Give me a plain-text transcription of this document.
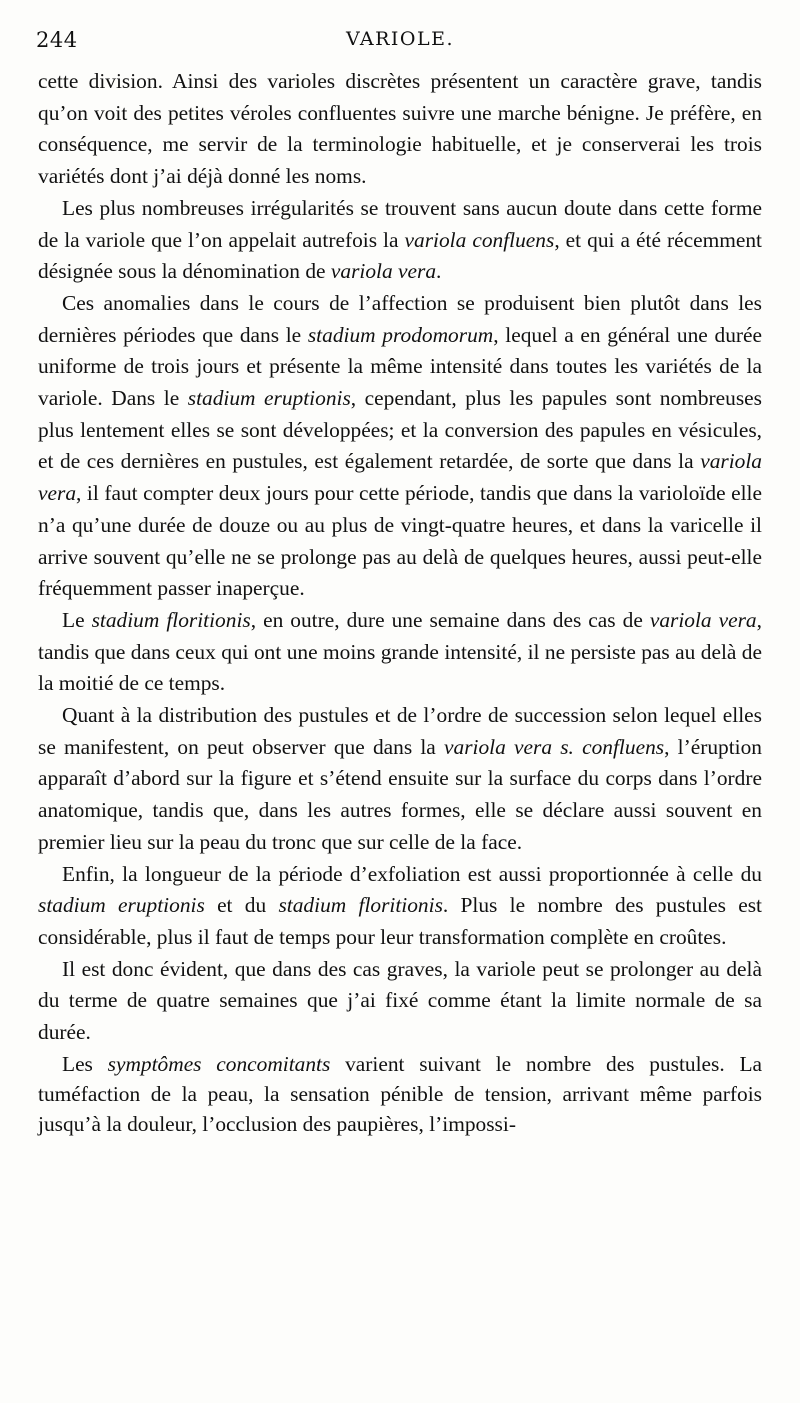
244	VARIOLE.

cette division. Ainsi des varioles discrètes présentent un caractère grave, tandis qu’on voit des petites véroles confluentes suivre une marche bénigne. Je préfère, en conséquence, me servir de la terminologie habituelle, et je conserverai les trois variétés dont j’ai déjà donné les noms.

Les plus nombreuses irrégularités se trouvent sans aucun doute dans cette forme de la variole que l’on appelait autrefois la variola confluens, et qui a été récemment désignée sous la dénomination de variola vera.

Ces anomalies dans le cours de l’affection se produisent bien plutôt dans les dernières périodes que dans le stadium prodomorum, lequel a en général une durée uniforme de trois jours et présente la même intensité dans toutes les variétés de la variole. Dans le stadium eruptionis, cependant, plus les papules sont nombreuses plus lentement elles se sont développées; et la conversion des papules en vésicules, et de ces dernières en pustules, est également retardée, de sorte que dans la variola vera, il faut compter deux jours pour cette période, tandis que dans la varioloïde elle n’a qu’une durée de douze ou au plus de vingt-quatre heures, et dans la varicelle il arrive souvent qu’elle ne se prolonge pas au delà de quelques heures, aussi peut-elle fréquemment passer inaperçue.

Le stadium floritionis, en outre, dure une semaine dans des cas de variola vera, tandis que dans ceux qui ont une moins grande intensité, il ne persiste pas au delà de la moitié de ce temps.

Quant à la distribution des pustules et de l’ordre de succession selon lequel elles se manifestent, on peut observer que dans la variola vera s. confluens, l’éruption apparaît d’abord sur la figure et s’étend ensuite sur la surface du corps dans l’ordre anatomique, tandis que, dans les autres formes, elle se déclare aussi souvent en premier lieu sur la peau du tronc que sur celle de la face.

Enfin, la longueur de la période d’exfoliation est aussi proportionnée à celle du stadium eruptionis et du stadium floritionis. Plus le nombre des pustules est considérable, plus il faut de temps pour leur transformation complète en croûtes.

Il est donc évident, que dans des cas graves, la variole peut se prolonger au delà du terme de quatre semaines que j’ai fixé comme étant la limite normale de sa durée.

Les symptômes concomitants varient suivant le nombre des pustules. La tuméfaction de la peau, la sensation pénible de tension, arrivant même parfois jusqu’à la douleur, l’occlusion des paupières, l’impossi-
